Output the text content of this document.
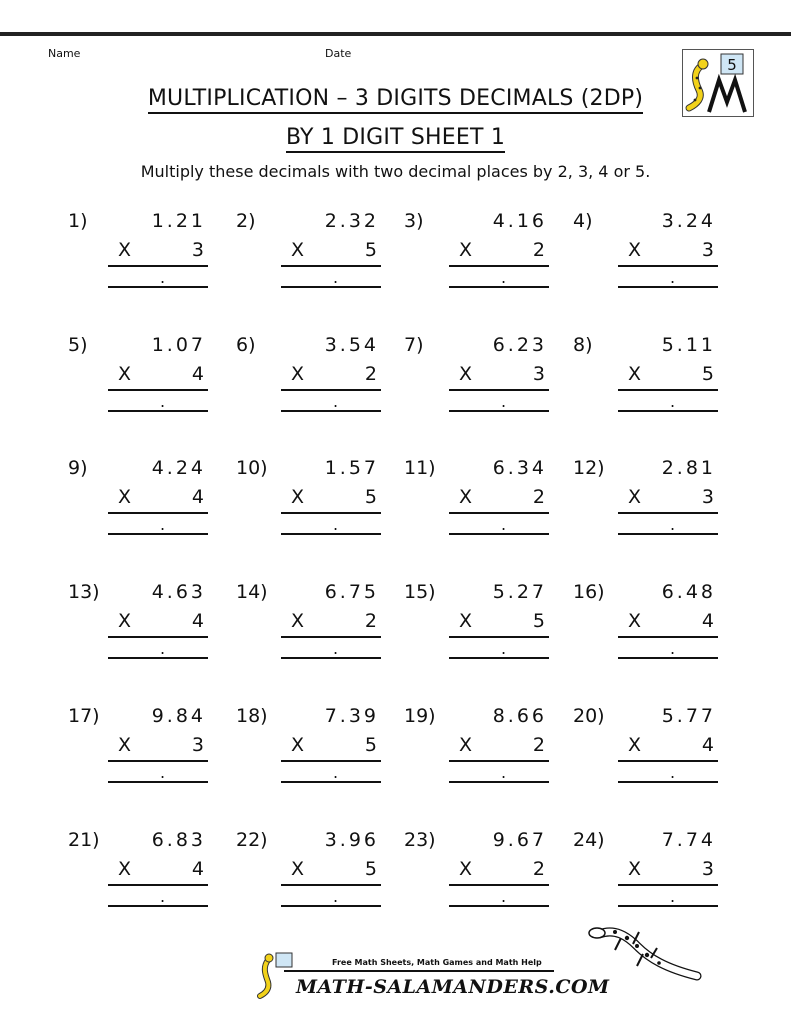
Name	Date
5
MULTIPLICATION – 3 DIGITS DECIMALS (2DP)
BY 1 DIGIT SHEET 1
Multiply these decimals with two decimal places by 2, 3, 4 or 5.
1)	1.21
X	3
.
2)	2.32
X	5
.
3)	4.16
X	2
.
4)	3.24
X	3
.
5)	1.07
X	4
.
6)	3.54
X	2
.
7)	6.23
X	3
.
8)	5.11
X	5
.
9)	4.24
X	4
.
10)	1.57
X	5
.
11)	6.34
X	2
.
12)	2.81
X	3
.
13)	4.63
X	4
.
14)	6.75
X	2
.
15)	5.27
X	5
.
16)	6.48
X	4
.
17)	9.84
X	3
.
18)	7.39
X	5
.
19)	8.66
X	2
.
20)	5.77
X	4
.
21)	6.83
X	4
.
22)	3.96
X	5
.
23)	9.67
X	2
.
24)	7.74
X	3
.
Free Math Sheets, Math Games and Math Help
MATH-SALAMANDERS.COM
